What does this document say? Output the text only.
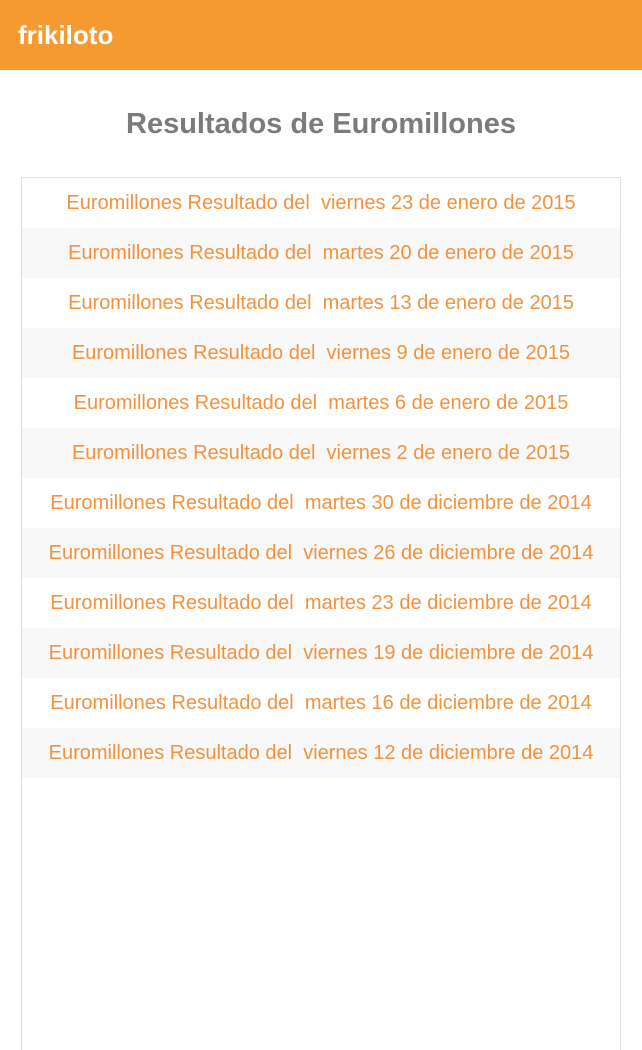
frikiloto
Resultados de Euromillones
Euromillones Resultado del  viernes 23 de enero de 2015
Euromillones Resultado del  martes 20 de enero de 2015
Euromillones Resultado del  martes 13 de enero de 2015
Euromillones Resultado del  viernes 9 de enero de 2015
Euromillones Resultado del  martes 6 de enero de 2015
Euromillones Resultado del  viernes 2 de enero de 2015
Euromillones Resultado del  martes 30 de diciembre de 2014
Euromillones Resultado del  viernes 26 de diciembre de 2014
Euromillones Resultado del  martes 23 de diciembre de 2014
Euromillones Resultado del  viernes 19 de diciembre de 2014
Euromillones Resultado del  martes 16 de diciembre de 2014
Euromillones Resultado del  viernes 12 de diciembre de 2014
